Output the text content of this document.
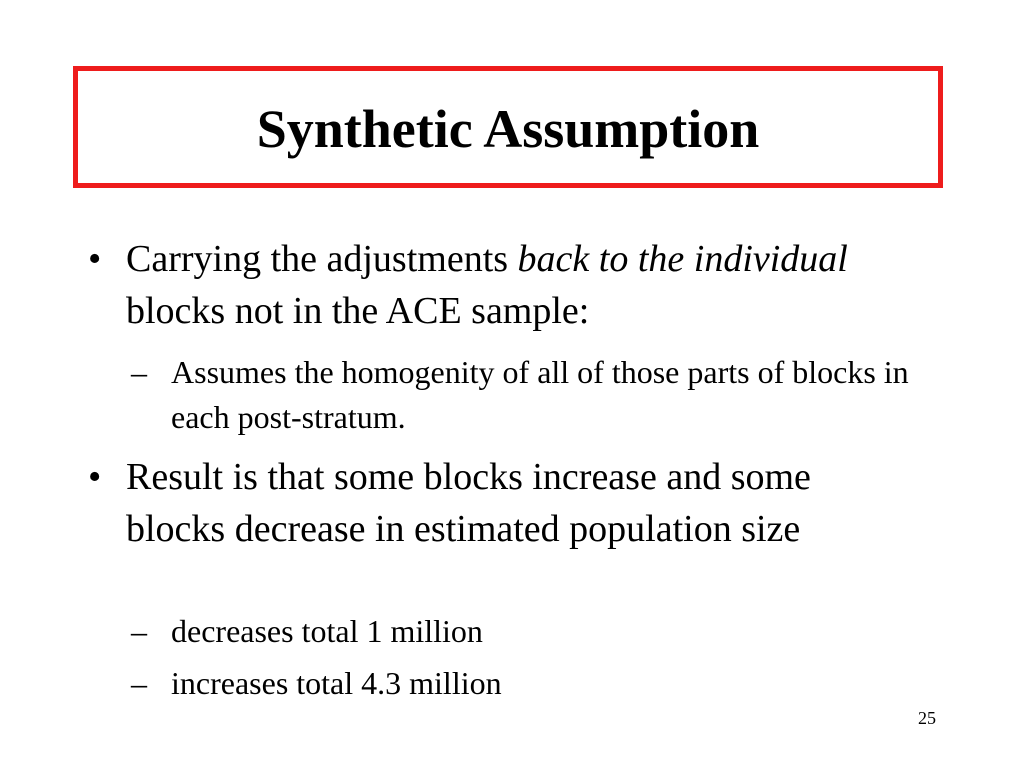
Synthetic Assumption
• Carrying the adjustments back to the individual blocks not in the ACE sample:
– Assumes the homogenity of all of those parts of blocks in each post-stratum.
• Result is that some blocks increase and some blocks decrease in estimated population size
– decreases total 1 million
– increases total 4.3 million
25
